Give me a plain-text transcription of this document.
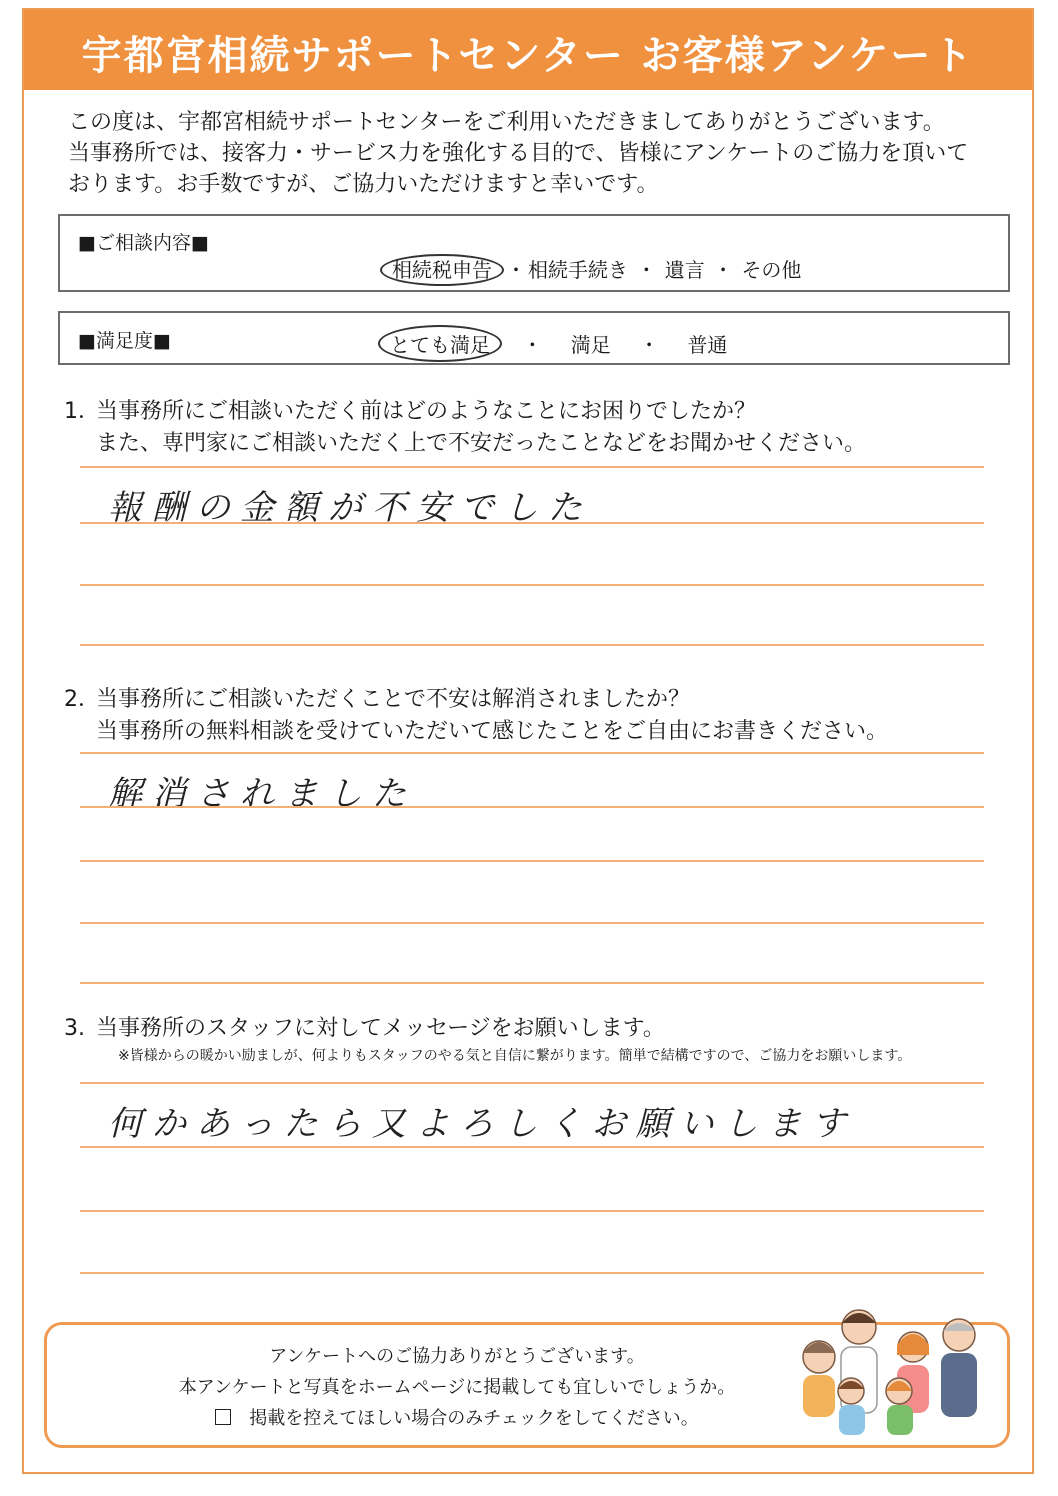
宇都宮相続サポートセンター お客様アンケート

この度は、宇都宮相続サポートセンターをご利用いただきましてありがとうございます。

当事務所では、接客力・サービス力を強化する目的で、皆様にアンケートのご協力を頂いて

おります。お手数ですが、ご協力いただけますと幸いです。

■ご相談内容■
相続税申告 ・ 相続手続き ・ 遺言 ・ その他
■満足度■	とても満足 ・ 満足 ・ 普通
1．当事務所にご相談いただく前はどのようなことにお困りでしたか？
また、専門家にご相談いただく上で不安だったことなどをお聞かせください。
報酬の金額が不安でした
2．当事務所にご相談いただくことで不安は解消されましたか？
当事務所の無料相談を受けていただいて感じたことをご自由にお書きください。
解消されました
3. 当事務所のスタッフに対してメッセージをお願いします。
※皆様からの暖かい励ましが、何よりもスタッフのやる気と自信に繋がります。簡単で結構ですので、ご協力をお願いします。
何かあったら又よろしくお願いします
アンケートへのご協力ありがとうございます。
本アンケートと写真をホームページに掲載しても宜しいでしょうか。
掲載を控えてほしい場合のみチェックをしてください。
